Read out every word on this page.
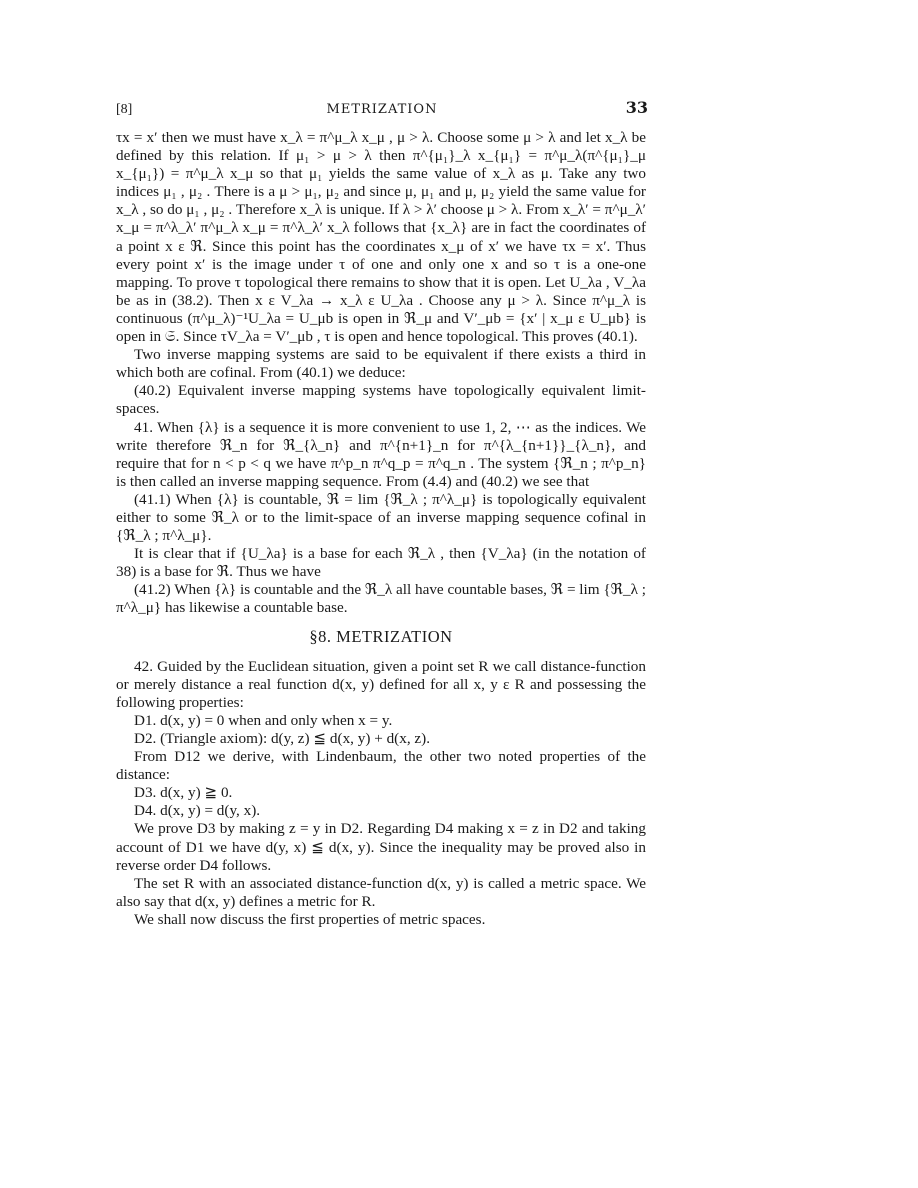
[8]	METRIZATION	33

τx = x′ then we must have x_λ = π^μ_λ x_μ , μ > λ. Choose some μ > λ and let x_λ be defined by this relation. If μ₁ > μ > λ then π^{μ₁}_λ x_{μ₁} = π^μ_λ(π^{μ₁}_μ x_{μ₁}) = π^μ_λ x_μ so that μ₁ yields the same value of x_λ as μ. Take any two indices μ₁ , μ₂ . There is a μ > μ₁, μ₂ and since μ, μ₁ and μ, μ₂ yield the same value for x_λ , so do μ₁ , μ₂ . Therefore x_λ is unique. If λ > λ′ choose μ > λ. From x_λ′ = π^μ_λ′ x_μ = π^λ_λ′ π^μ_λ x_μ = π^λ_λ′ x_λ follows that {x_λ} are in fact the coordinates of a point x ε ℜ. Since this point has the coordinates x_μ of x′ we have τx = x′. Thus every point x′ is the image under τ of one and only one x and so τ is a one-one mapping. To prove τ topological there remains to show that it is open. Let U_λa , V_λa be as in (38.2). Then x ε V_λa → x_λ ε U_λa . Choose any μ > λ. Since π^μ_λ is continuous (π^μ_λ)⁻¹U_λa = U_μb is open in ℜ_μ and V′_μb = {x′ | x_μ ε U_μb} is open in 𝔖. Since τV_λa = V′_μb , τ is open and hence topological. This proves (40.1).

Two inverse mapping systems are said to be equivalent if there exists a third in which both are cofinal. From (40.1) we deduce:

(40.2) Equivalent inverse mapping systems have topologically equivalent limit-spaces.

41. When {λ} is a sequence it is more convenient to use 1, 2, ⋯ as the indices. We write therefore ℜ_n for ℜ_{λ_n} and π^{n+1}_n for π^{λ_{n+1}}_{λ_n}, and require that for n < p < q we have π^p_n π^q_p = π^q_n . The system {ℜ_n ; π^p_n} is then called an inverse mapping sequence. From (4.4) and (40.2) we see that

(41.1) When {λ} is countable, ℜ = lim {ℜ_λ ; π^λ_μ} is topologically equivalent either to some ℜ_λ or to the limit-space of an inverse mapping sequence cofinal in {ℜ_λ ; π^λ_μ}.

It is clear that if {U_λa} is a base for each ℜ_λ , then {V_λa} (in the notation of 38) is a base for ℜ. Thus we have

(41.2) When {λ} is countable and the ℜ_λ all have countable bases, ℜ = lim {ℜ_λ ; π^λ_μ} has likewise a countable base.

§8. METRIZATION

42. Guided by the Euclidean situation, given a point set R we call distance-function or merely distance a real function d(x, y) defined for all x, y ε R and possessing the following properties:

D1. d(x, y) = 0 when and only when x = y.

D2. (Triangle axiom): d(y, z) ≦ d(x, y) + d(x, z).

From D12 we derive, with Lindenbaum, the other two noted properties of the distance:

D3. d(x, y) ≧ 0.

D4. d(x, y) = d(y, x).

We prove D3 by making z = y in D2. Regarding D4 making x = z in D2 and taking account of D1 we have d(y, x) ≦ d(x, y). Since the inequality may be proved also in reverse order D4 follows.

The set R with an associated distance-function d(x, y) is called a metric space. We also say that d(x, y) defines a metric for R.

We shall now discuss the first properties of metric spaces.
